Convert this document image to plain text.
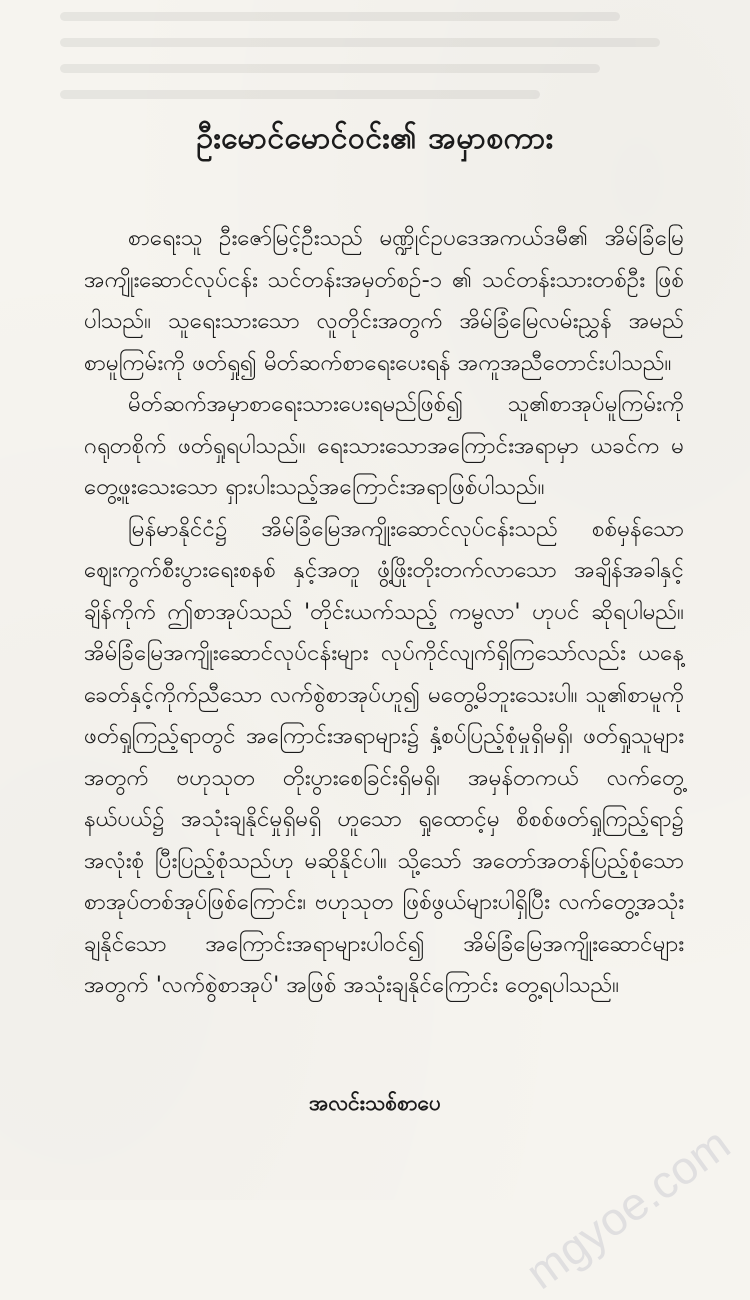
ဦးမောင်မောင်ဝင်း၏ အမှာစကား

စာရေးသူ ဦးဇော်မြင့်ဦးသည် မဏ္ဍိုင်ဥပဒေအကယ်ဒမီ၏ အိမ်ခြံမြေ အကျိုးဆောင်လုပ်ငန်း သင်တန်းအမှတ်စဉ်-၁ ၏ သင်တန်းသားတစ်ဦး ဖြစ်ပါသည်။ သူရေးသားသော လူတိုင်းအတွက် အိမ်ခြံမြေလမ်းညွှန် အမည် စာမူကြမ်းကို ဖတ်ရှု၍ မိတ်ဆက်စာရေးပေးရန် အကူအညီတောင်းပါသည်။

မိတ်ဆက်အမှာစာရေးသားပေးရမည်ဖြစ်၍ သူ၏စာအုပ်မူကြမ်းကို ဂရုတစိုက် ဖတ်ရှုရပါသည်။ ရေးသားသောအကြောင်းအရာမှာ ယခင်က မတွေ့ဖူးသေးသော ရှားပါးသည့်အကြောင်းအရာဖြစ်ပါသည်။

မြန်မာနိုင်ငံ၌ အိမ်ခြံမြေအကျိုးဆောင်လုပ်ငန်းသည် စစ်မှန်သော ဈေးကွက်စီးပွားရေးစနစ် နှင့်အတူ ဖွံ့ဖြိုးတိုးတက်လာသော အချိန်အခါနှင့် ချိန်ကိုက် ဤစာအုပ်သည် 'တိုင်းယက်သည့် ကမ္ဗလာ' ဟုပင် ဆိုရပါမည်။ အိမ်ခြံမြေအကျိုးဆောင်လုပ်ငန်းများ လုပ်ကိုင်လျက်ရှိကြသော်လည်း ယနေ့ ခေတ်နှင့်ကိုက်ညီသော လက်စွဲစာအုပ်ဟူ၍ မတွေ့မိဘူးသေးပါ။ သူ၏စာမူကို ဖတ်ရှုကြည့်ရာတွင် အကြောင်းအရာများ၌ နှံ့စပ်ပြည့်စုံမှုရှိမရှိ၊ ဖတ်ရှုသူများအတွက် ဗဟုသုတ တိုးပွားစေခြင်းရှိမရှိ၊ အမှန်တကယ် လက်တွေ့ နယ်ပယ်၌ အသုံးချနိုင်မှုရှိမရှိ ဟူသော ရှုထောင့်မှ စိစစ်ဖတ်ရှုကြည့်ရာ၌ အလုံးစုံ ပြီးပြည့်စုံသည်ဟု မဆိုနိုင်ပါ။ သို့သော် အတော်အတန်ပြည့်စုံသော စာအုပ်တစ်အုပ်ဖြစ်ကြောင်း၊ ဗဟုသုတ ဖြစ်ဖွယ်များပါရှိပြီး လက်တွေ့အသုံး ချနိုင်သော အကြောင်းအရာများပါဝင်၍ အိမ်ခြံမြေအကျိုးဆောင်များအတွက် 'လက်စွဲစာအုပ်' အဖြစ် အသုံးချနိုင်ကြောင်း တွေ့ရပါသည်။

အလင်းသစ်စာပေ
mgyoe.com
